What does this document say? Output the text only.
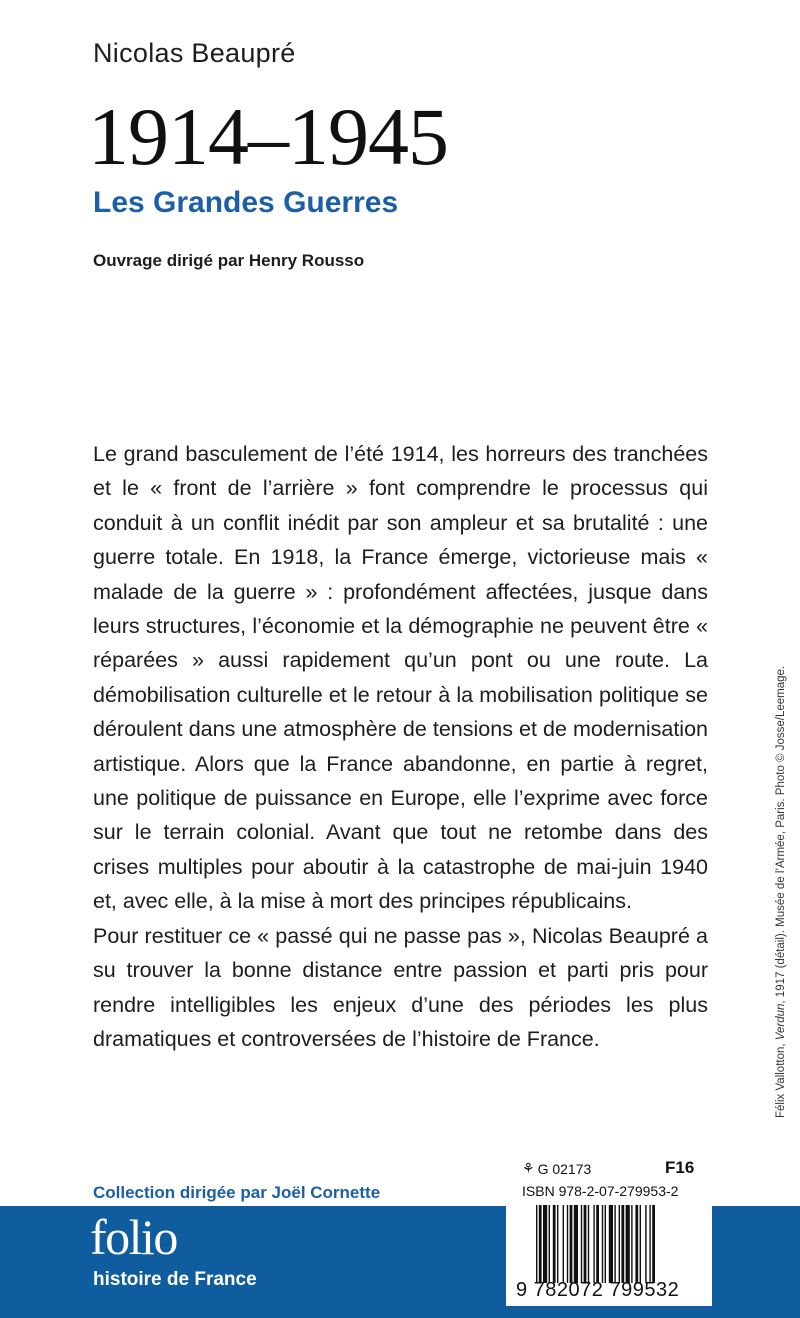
Nicolas Beaupré
1914–1945
Les Grandes Guerres
Ouvrage dirigé par Henry Rousso

Le grand basculement de l’été 1914, les horreurs des tranchées et le « front de l’arrière » font comprendre le processus qui conduit à un conflit inédit par son ampleur et sa brutalité : une guerre totale. En 1918, la France émerge, victorieuse mais « malade de la guerre » : profondément affectées, jusque dans leurs structures, l’économie et la démographie ne peuvent être « réparées » aussi rapidement qu’un pont ou une route. La démobilisation culturelle et le retour à la mobilisation politique se déroulent dans une atmosphère de tensions et de modernisation artistique. Alors que la France abandonne, en partie à regret, une politique de puissance en Europe, elle l’exprime avec force sur le terrain colonial. Avant que tout ne retombe dans des crises multiples pour aboutir à la catastrophe de mai-juin 1940 et, avec elle, à la mise à mort des principes républicains.

Pour restituer ce « passé qui ne passe pas », Nicolas Beaupré a su trouver la bonne distance entre passion et parti pris pour rendre intelligibles les enjeux d’une des périodes les plus dramatiques et controversées de l’histoire de France.

Félix Vallotton, Verdun, 1917 (détail). Musée de l’Armée, Paris. Photo © Josse/Leemage.
Collection dirigée par Joël Cornette
folio
histoire de France
⚘ G 02173	F16
ISBN 978-2-07-279953-2
9 782072 799532
